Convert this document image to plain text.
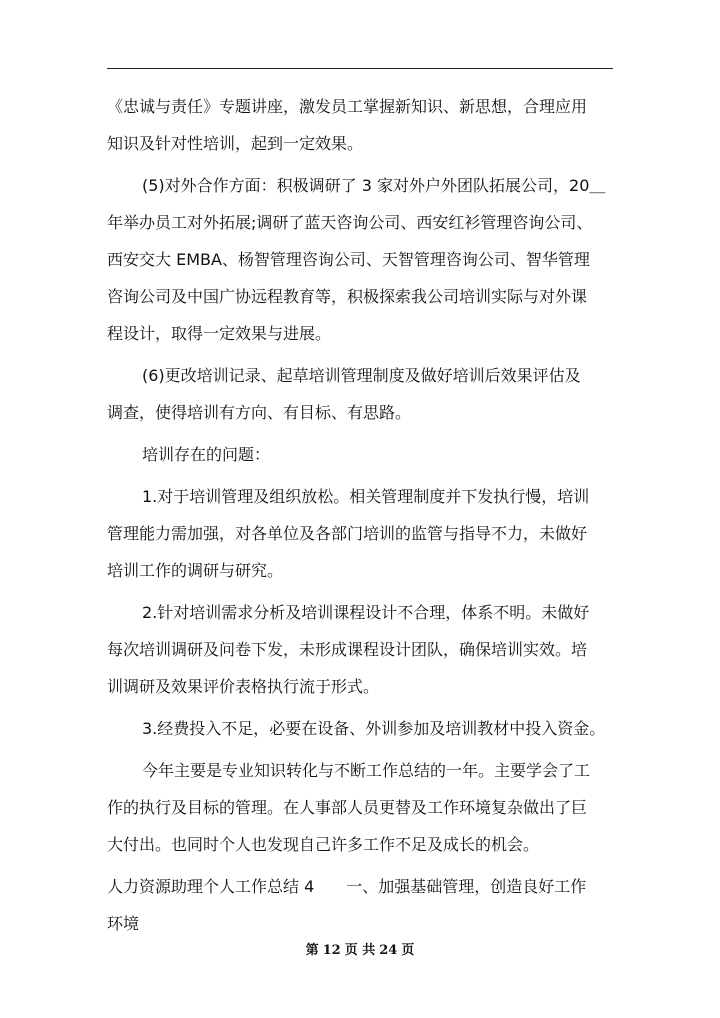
《忠诚与责任》专题讲座，激发员工掌握新知识、新思想，合理应用
知识及针对性培训，起到一定效果。
(5)对外合作方面：积极调研了 3 家对外户外团队拓展公司，20＿
年举办员工对外拓展;调研了蓝天咨询公司、西安红衫管理咨询公司、
西安交大 EMBA、杨智管理咨询公司、天智管理咨询公司、智华管理
咨询公司及中国广协远程教育等，积极探索我公司培训实际与对外课
程设计，取得一定效果与进展。
(6)更改培训记录、起草培训管理制度及做好培训后效果评估及
调查，使得培训有方向、有目标、有思路。
培训存在的问题：
1.对于培训管理及组织放松。相关管理制度并下发执行慢，培训
管理能力需加强，对各单位及各部门培训的监管与指导不力，未做好
培训工作的调研与研究。
2.针对培训需求分析及培训课程设计不合理，体系不明。未做好
每次培训调研及问卷下发，未形成课程设计团队，确保培训实效。培
训调研及效果评价表格执行流于形式。
3.经费投入不足，必要在设备、外训参加及培训教材中投入资金。
今年主要是专业知识转化与不断工作总结的一年。主要学会了工
作的执行及目标的管理。在人事部人员更替及工作环境复杂做出了巨
大付出。也同时个人也发现自己许多工作不足及成长的机会。
人力资源助理个人工作总结 4　　一、加强基础管理，创造良好工作
环境
第 12 页 共 24 页
